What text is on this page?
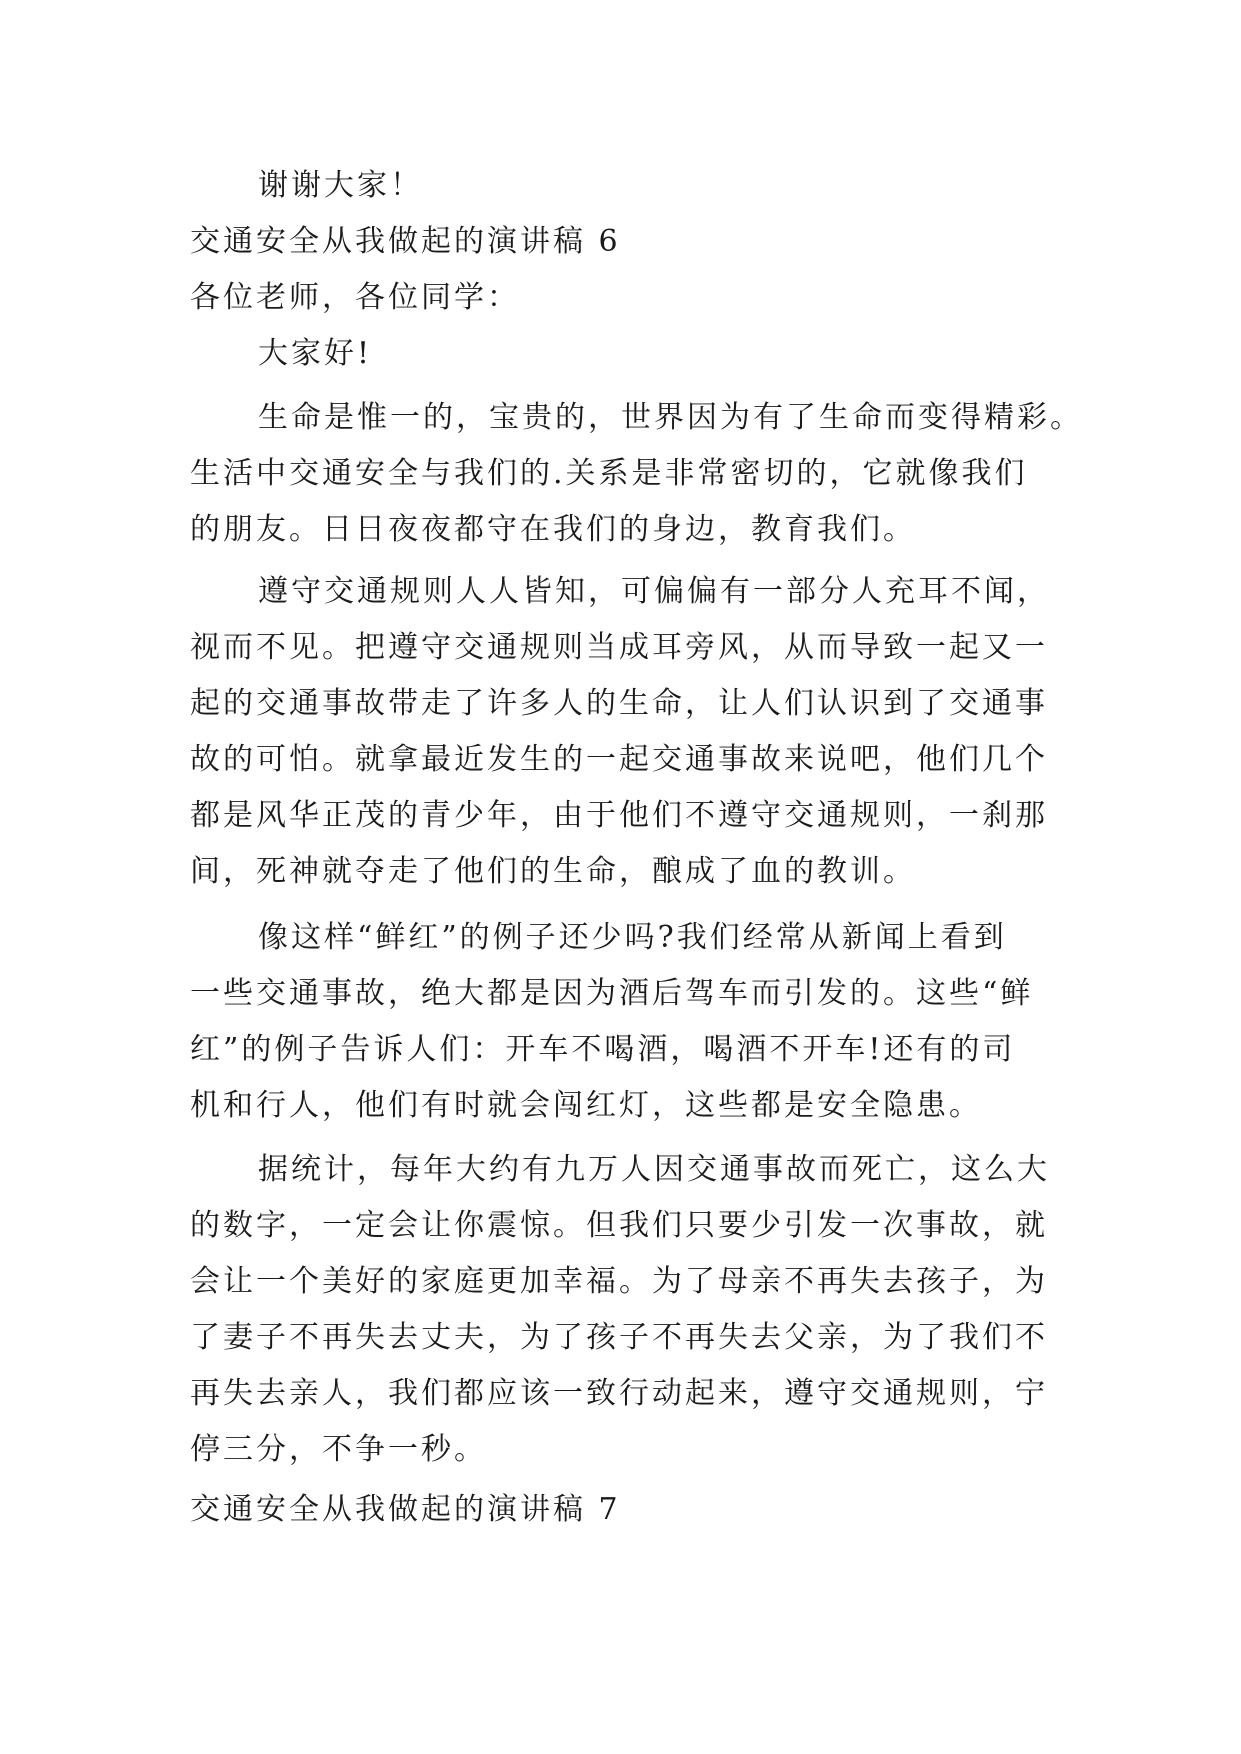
谢谢大家！
交通安全从我做起的演讲稿 6
各位老师，各位同学：
大家好!
生命是惟一的，宝贵的，世界因为有了生命而变得精彩。
生活中交通安全与我们的.关系是非常密切的，它就像我们
的朋友。日日夜夜都守在我们的身边，教育我们。
遵守交通规则人人皆知，可偏偏有一部分人充耳不闻，
视而不见。把遵守交通规则当成耳旁风，从而导致一起又一
起的交通事故带走了许多人的生命，让人们认识到了交通事
故的可怕。就拿最近发生的一起交通事故来说吧，他们几个
都是风华正茂的青少年，由于他们不遵守交通规则，一刹那
间，死神就夺走了他们的生命，酿成了血的教训。
像这样“鲜红”的例子还少吗?我们经常从新闻上看到
一些交通事故，绝大都是因为酒后驾车而引发的。这些“鲜
红”的例子告诉人们：开车不喝酒，喝酒不开车!还有的司
机和行人，他们有时就会闯红灯，这些都是安全隐患。
据统计，每年大约有九万人因交通事故而死亡，这么大
的数字，一定会让你震惊。但我们只要少引发一次事故，就
会让一个美好的家庭更加幸福。为了母亲不再失去孩子，为
了妻子不再失去丈夫，为了孩子不再失去父亲，为了我们不
再失去亲人，我们都应该一致行动起来，遵守交通规则，宁
停三分，不争一秒。
交通安全从我做起的演讲稿 7
